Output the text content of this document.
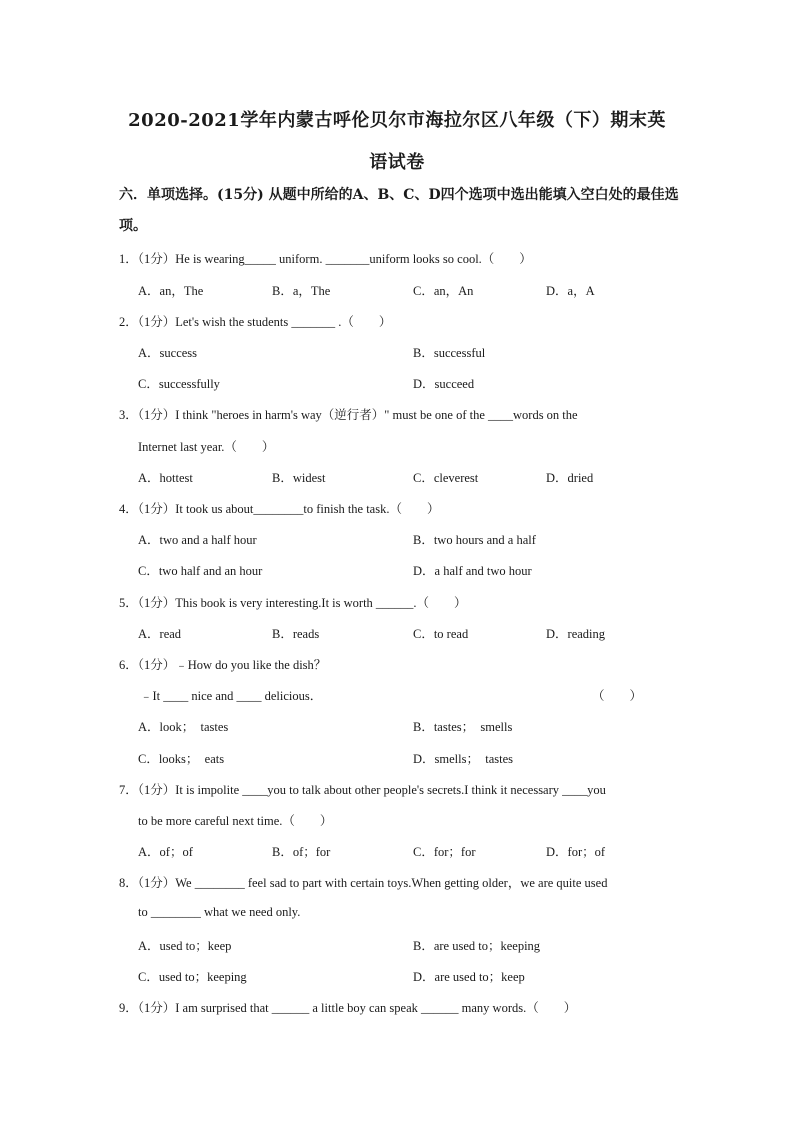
2020-2021学年内蒙古呼伦贝尔市海拉尔区八年级（下）期末英
语试卷
六．单项选择。(15分) 从题中所给的A、B、C、D四个选项中选出能填入空白处的最佳选项。
1．（1分）He is wearing_____ uniform. _______uniform looks so cool.（　　）
A．an，The	B．a，The	C．an，An	D．a，A
2．（1分）Let's wish the students _______ .（　　）
A．success	B．successful
C．successfully	D．succeed
3．（1分）I think "heroes in harm's way（逆行者）" must be one of the ____words on the
Internet last year.（　　）
A．hottest	B．widest	C．cleverest	D．dried
4．（1分）It took us about________to finish the task.（　　）
A．two and a half hour	B．two hours and a half
C．two half and an hour	D．a half and two hour
5．（1分）This book is very interesting.It is worth ______.（　　）
A．read	B．reads	C．to read	D．reading
6．（1分）﹣How do you like the dish？
﹣It ____ nice and ____ delicious．	（　　）
A．look；  tastes	B．tastes；  smells
C．looks；  eats	D．smells；  tastes
7．（1分）It is impolite ____you to talk about other people's secrets.I think it necessary ____you
to be more careful next time.（　　）
A．of；of	B．of；for	C．for；for	D．for；of
8．（1分）We ________ feel sad to part with certain toys.When getting older，we are quite used
to ________ what we need only.
A．used to；keep	B．are used to；keeping
C．used to；keeping	D．are used to；keep
9．（1分）I am surprised that ______ a little boy can speak ______ many words.（　　）
